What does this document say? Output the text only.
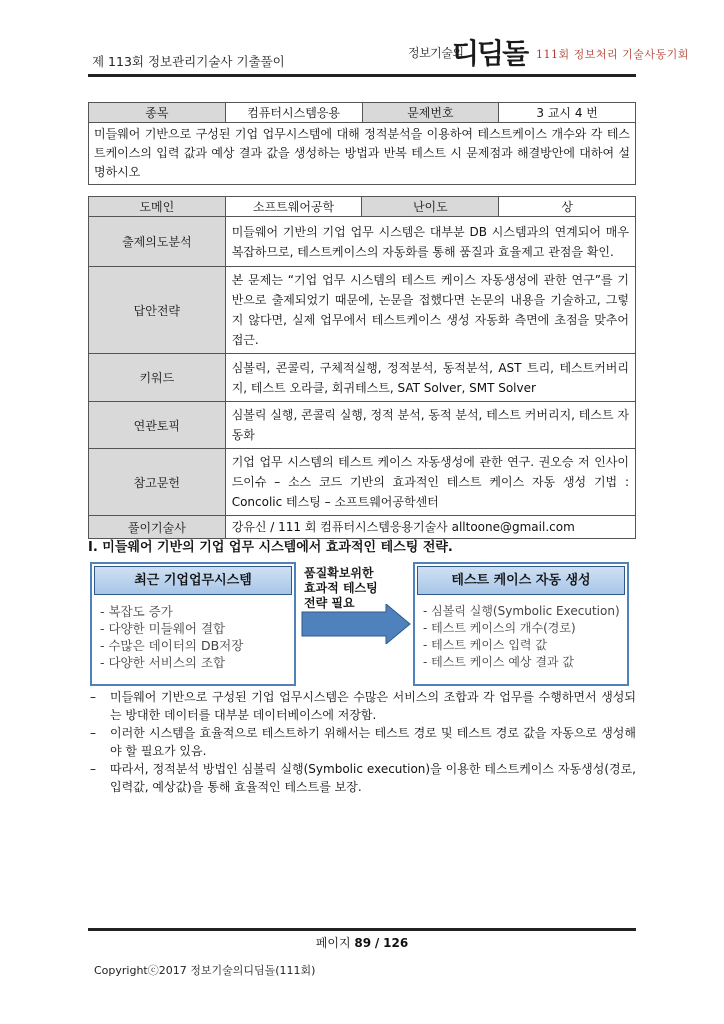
제 113회 정보관리기술사 기출풀이
정보기술의
디딤돌 111회 정보처리 기술사동기회
종목	컴퓨터시스템응용	문제번호	3 교시 4 번
미들웨어 기반으로 구성된 기업 업무시스템에 대해 정적분석을 이용하여 테스트케이스 개수와 각 테스트케이스의 입력 값과 예상 결과 값을 생성하는 방법과 반복 테스트 시 문제점과 해결방안에 대하여 설명하시오
도메인	소프트웨어공학	난이도	상
출제의도분석	미들웨어 기반의 기업 업무 시스템은 대부분 DB 시스템과의 연계되어 매우 복잡하므로, 테스트케이스의 자동화를 통해 품질과 효율제고 관점을 확인.		
답안전략	본 문제는 “기업 업무 시스템의 테스트 케이스 자동생성에 관한 연구”를 기반으로 출제되었기 때문에, 논문을 접했다면 논문의 내용을 기술하고, 그렇지 않다면, 실제 업무에서 테스트케이스 생성 자동화 측면에 초점을 맞추어 접근.		
키워드	심볼릭, 콘콜릭, 구체적실행, 정적분석, 동적분석, AST 트리, 테스트커버리지, 테스트 오라클, 회귀테스트, SAT Solver, SMT Solver		
연관토픽	심볼릭 실행, 콘콜릭 실행, 정적 분석, 동적 분석, 테스트 커버리지, 테스트 자동화		
참고문헌	기업 업무 시스템의 테스트 케이스 자동생성에 관한 연구. 권오승 저 인사이드이슈 – 소스 코드 기반의 효과적인 테스트 케이스 자동 생성 기법 : Concolic 테스팅 – 소프트웨어공학센터		
풀이기술사	강유신 / 111 회 컴퓨터시스템응용기술사 alltoone@gmail.com		
I. 미들웨어 기반의 기업 업무 시스템에서 효과적인 테스팅 전략.
최근 기업업무시스템
- 복잡도 증가
- 다양한 미들웨어 결합
- 수많은 데이터의 DB저장
- 다양한 서비스의 조합
품질확보위한
효과적 테스팅
전략 필요
테스트 케이스 자동 생성
- 심볼릭 실행(Symbolic Execution)
- 테스트 케이스의 개수(경로)
- 테스트 케이스 입력 값
- 테스트 케이스 예상 결과 값
– 미들웨어 기반으로 구성된 기업 업무시스템은 수많은 서비스의 조합과 각 업무를 수행하면서 생성되는 방대한 데이터를 대부분 데이터베이스에 저장함.
– 이러한 시스템을 효율적으로 테스트하기 위해서는 테스트 경로 및 테스트 경로 값을 자동으로 생성해야 할 필요가 있음.
– 따라서, 정적분석 방법인 심볼릭 실행(Symbolic execution)을 이용한 테스트케이스 자동생성(경로, 입력값, 예상값)을 통해 효율적인 테스트를 보장.
페이지 89 / 126
Copyrightⓒ2017 정보기술의디딤돌(111회)
